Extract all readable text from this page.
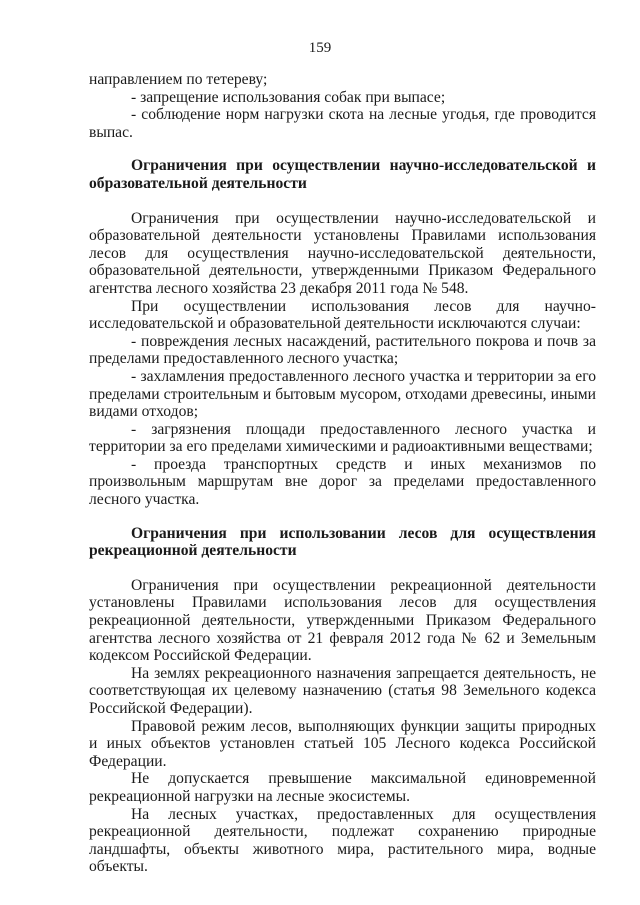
159

направлением по тетереву;

- запрещение использования собак при выпасе;

- соблюдение норм нагрузки скота на лесные угодья, где проводится выпас.

Ограничения при осуществлении научно-исследовательской и образовательной деятельности

Ограничения при осуществлении научно-исследовательской и образовательной деятельности установлены Правилами использования лесов для осуществления научно-исследовательской деятельности, образовательной деятельности, утвержденными Приказом Федерального агентства лесного хозяйства 23 декабря 2011 года № 548.

При осуществлении использования лесов для научно-исследовательской и образовательной деятельности исключаются случаи:

- повреждения лесных насаждений, растительного покрова и почв за пределами предоставленного лесного участка;

- захламления предоставленного лесного участка и территории за его пределами строительным и бытовым мусором, отходами древесины, иными видами отходов;

- загрязнения площади предоставленного лесного участка и территории за его пределами химическими и радиоактивными веществами;

- проезда транспортных средств и иных механизмов по произвольным маршрутам вне дорог за пределами предоставленного лесного участка.

Ограничения при использовании лесов для осуществления рекреационной деятельности

Ограничения при осуществлении рекреационной деятельности установлены Правилами использования лесов для осуществления рекреационной деятельности, утвержденными Приказом Федерального агентства лесного хозяйства от 21 февраля 2012 года № 62 и Земельным кодексом Российской Федерации.

На землях рекреационного назначения запрещается деятельность, не соответствующая их целевому назначению (статья 98 Земельного кодекса Российской Федерации).

Правовой режим лесов, выполняющих функции защиты природных и иных объектов установлен статьей 105 Лесного кодекса Российской Федерации.

Не допускается превышение максимальной единовременной рекреационной нагрузки на лесные экосистемы.

На лесных участках, предоставленных для осуществления рекреационной деятельности, подлежат сохранению природные ландшафты, объекты животного мира, растительного мира, водные объекты.
